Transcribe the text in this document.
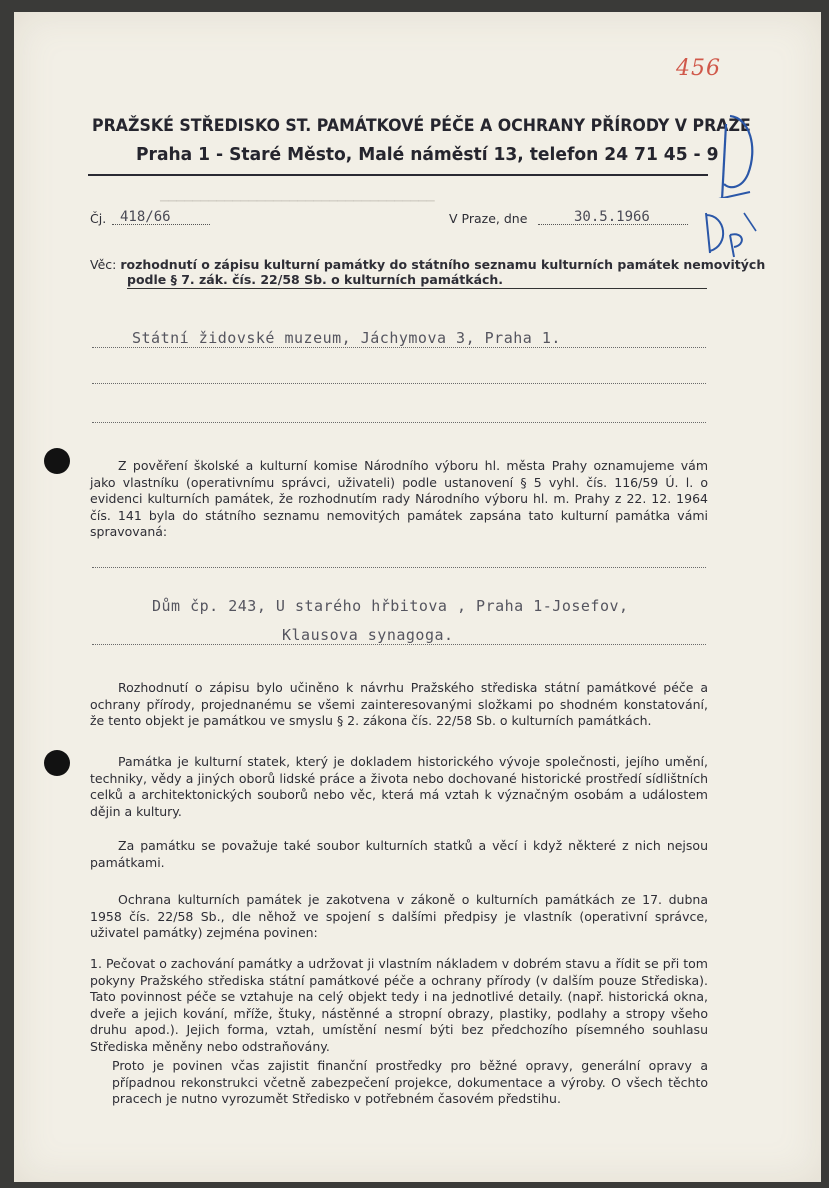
▁▁▁▁▁▁▁▁▁▁▁▁▁▁▁▁▁▁▁▁▁▁▁▁▁▁▁▁▁▁▁▁▁▁
456
PRAŽSKÉ STŘEDISKO ST. PAMÁTKOVÉ PÉČE A OCHRANY PŘÍRODY V PRAZE
Praha 1 - Staré Město, Malé náměstí 13, telefon 24 71 45 - 9
Čj. 418/66	V Praze, dne	30.5.1966
Věc: rozhodnutí o zápisu kulturní památky do státního seznamu kulturních památek nemovitých
podle § 7. zák. čís. 22/58 Sb. o kulturních památkách.
Státní židovské muzeum, Jáchymova 3, Praha 1.

Z pověření školské a kulturní komise Národního výboru hl. města Prahy oznamujeme vám jako vlastníku (operativnímu správci, uživateli) podle ustanovení § 5 vyhl. čís. 116/59 Ú. l. o evidenci kulturních památek, že rozhodnutím rady Národního výboru hl. m. Prahy z 22. 12. 1964 čís. 141 byla do státního seznamu nemovitých památek zapsána tato kulturní památka vámi spravovaná:

Dům čp. 243, U starého hřbitova , Praha 1-Josefov,
Klausova synagoga.

Rozhodnutí o zápisu bylo učiněno k návrhu Pražského střediska státní památkové péče a ochrany přírody, projednanému se všemi zainteresovanými složkami po shodném konstatování, že tento objekt je památkou ve smyslu § 2. zákona čís. 22/58 Sb. o kulturních památkách.

Památka je kulturní statek, který je dokladem historického vývoje společnosti, jejího umění, techniky, vědy a jiných oborů lidské práce a života nebo dochované historické prostředí sídlištních celků a architektonických souborů nebo věc, která má vztah k význačným osobám a událostem dějin a kultury.

Za památku se považuje také soubor kulturních statků a věcí i když některé z nich nejsou památkami.

Ochrana kulturních památek je zakotvena v zákoně o kulturních památkách ze 17. dubna 1958 čís. 22/58 Sb., dle něhož ve spojení s dalšími předpisy je vlastník (operativní správce, uživatel památky) zejména povinen:

1. Pečovat o zachování památky a udržovat ji vlastním nákladem v dobrém stavu a řídit se při tom pokyny Pražského střediska státní památkové péče a ochrany přírody (v dalším pouze Střediska). Tato povinnost péče se vztahuje na celý objekt tedy i na jednotlivé detaily. (např. historická okna, dveře a jejich kování, mříže, štuky, nástěnné a stropní obrazy, plastiky, podlahy a stropy všeho druhu apod.). Jejich forma, vztah, umístění nesmí býti bez předchozího písemného souhlasu Střediska měněny nebo odstraňovány.

Proto je povinen včas zajistit finanční prostředky pro běžné opravy, generální opravy a případnou rekonstrukci včetně zabezpečení projekce, dokumentace a výroby. O všech těchto pracech je nutno vyrozumět Středisko v potřebném časovém předstihu.
